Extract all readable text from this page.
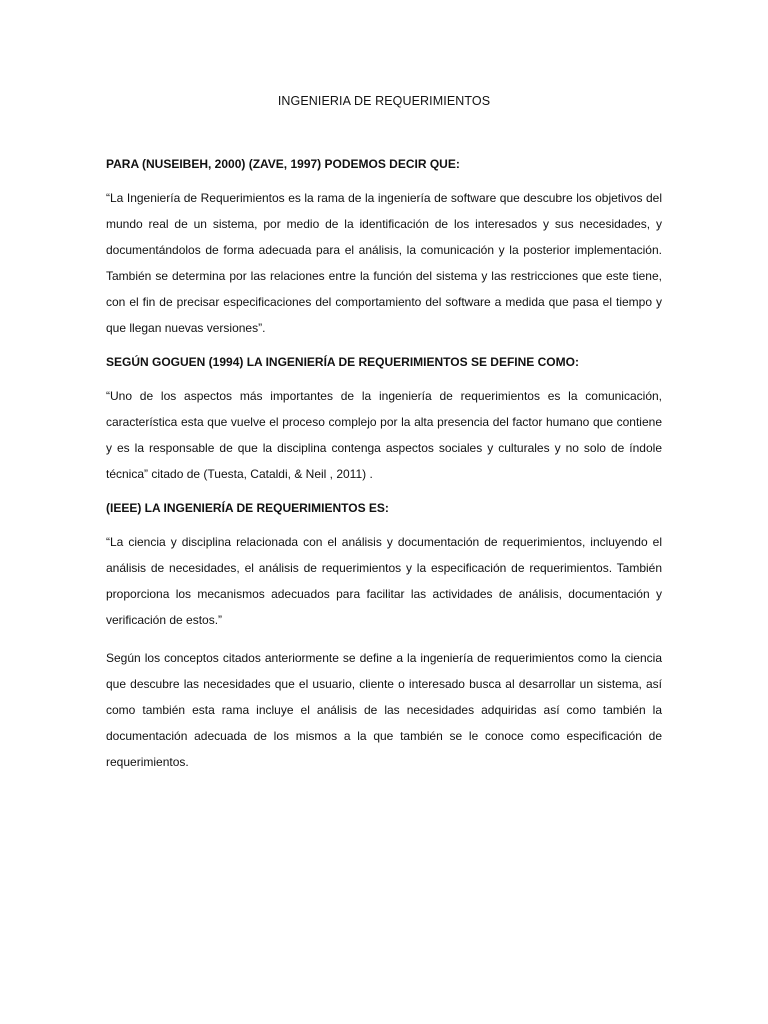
INGENIERIA DE REQUERIMIENTOS
PARA (NUSEIBEH, 2000) (ZAVE, 1997) PODEMOS DECIR QUE:

“La Ingeniería de Requerimientos es la rama de la ingeniería de software que descubre los objetivos del mundo real de un sistema, por medio de la identificación de los interesados y sus necesidades, y documentándolos de forma adecuada para el análisis, la comunicación y la posterior implementación. También se determina por las relaciones entre la función del sistema y las restricciones que este tiene, con el fin de precisar especificaciones del comportamiento del software a medida que pasa el tiempo y que llegan nuevas versiones”.

SEGÚN GOGUEN (1994) LA INGENIERÍA DE REQUERIMIENTOS SE DEFINE COMO:

“Uno de los aspectos más importantes de la ingeniería de requerimientos es la comunicación, característica esta que vuelve el proceso complejo por la alta presencia del factor humano que contiene y es la responsable de que la disciplina contenga aspectos sociales y culturales y no solo de índole técnica” citado de (Tuesta, Cataldi, & Neil , 2011) .

(IEEE) LA INGENIERÍA DE REQUERIMIENTOS ES:

“La ciencia y disciplina relacionada con el análisis y documentación de requerimientos, incluyendo el análisis de necesidades, el análisis de requerimientos y la especificación de requerimientos. También proporciona los mecanismos adecuados para facilitar las actividades de análisis, documentación y verificación de estos.”

Según los conceptos citados anteriormente se define a la ingeniería de requerimientos como la ciencia que descubre las necesidades que el usuario, cliente o interesado busca al desarrollar un sistema, así como también esta rama incluye el análisis de las necesidades adquiridas así como también la documentación adecuada de los mismos a la que también se le conoce como especificación de requerimientos.
